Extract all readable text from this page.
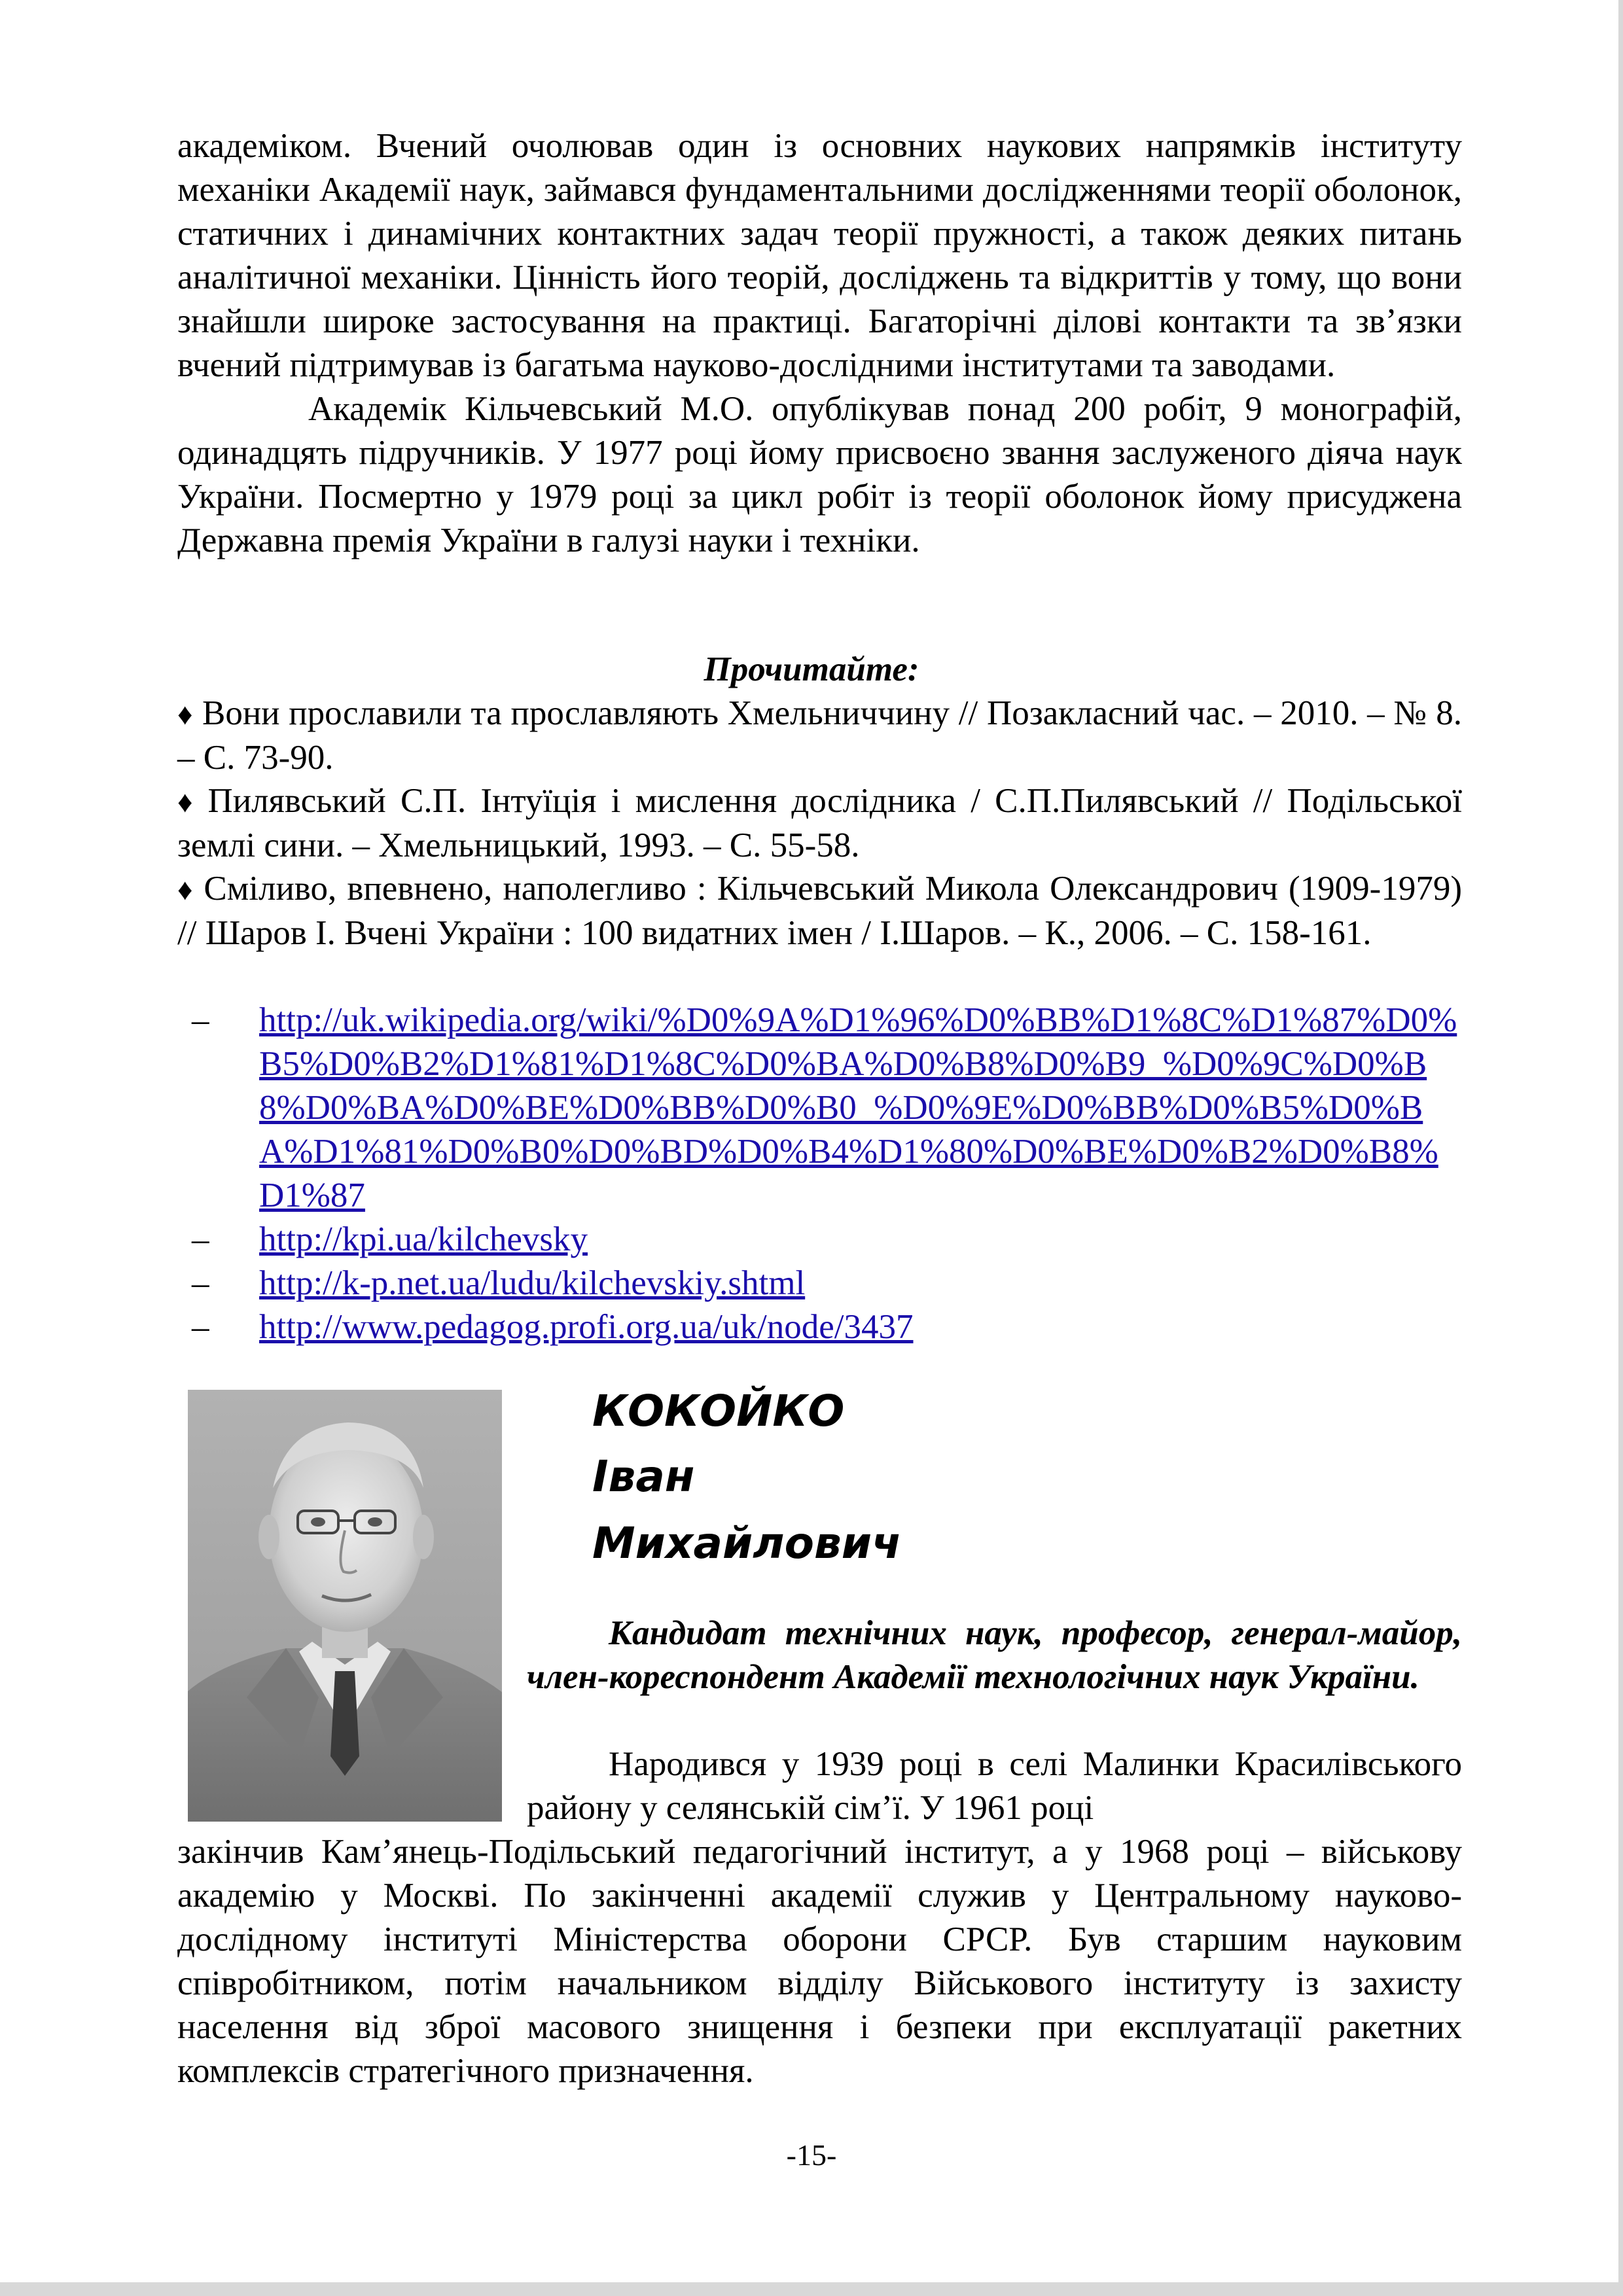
академіком. Вчений очолював один із основних наукових напрямків інституту механіки Академії наук, займався фундаментальними дослідженнями теорії оболонок, статичних і динамічних контактних задач теорії пружності, а також деяких питань аналітичної механіки. Цінність його теорій, досліджень та відкриттів у тому, що вони знайшли широке застосування на практиці. Багаторічні ділові контакти та зв’язки вчений підтримував із багатьма науково-дослідними інститутами та заводами.

Академік Кільчевський М.О. опублікував понад 200 робіт, 9 монографій, одинадцять підручників. У 1977 році йому присвоєно звання заслуженого діяча наук України. Посмертно у 1979 році за цикл робіт із теорії оболонок йому присуджена Державна премія України в галузі науки і техніки.

Прочитайте:
♦ Вони прославили та прославляють Хмельниччину // Позакласний час. – 2010. – № 8. – С. 73-90.
♦ Пилявський С.П. Інтуїція і мислення дослідника / С.П.Пилявський // Подільської землі сини. – Хмельницький, 1993. – С. 55-58.
♦ Сміливо, впевнено, наполегливо : Кільчевський Микола Олександрович (1909-1979) // Шаров І. Вчені України : 100 видатних імен / І.Шаров. – К., 2006. – С. 158-161.
– http://uk.wikipedia.org/wiki/%D0%9A%D1%96%D0%BB%D1%8C%D1%87%D0%B5%D0%B2%D1%81%D1%8C%D0%BA%D0%B8%D0%B9_%D0%9C%D0%B8%D0%BA%D0%BE%D0%BB%D0%B0_%D0%9E%D0%BB%D0%B5%D0%BA%D1%81%D0%B0%D0%BD%D0%B4%D1%80%D0%BE%D0%B2%D0%B8%D1%87
– http://kpi.ua/kilchevsky
– http://k-p.net.ua/ludu/kilchevskiy.shtml
– http://www.pedagog.profi.org.ua/uk/node/3437
КОКОЙКО
Іван
Михайлович
Кандидат технічних наук, професор, генерал-майор, член-кореспондент Академії технологічних наук України.
Народився у 1939 році в селі Малинки Красилівського району у селянській сім’ї. У 1961 році
закінчив Кам’янець-Подільський педагогічний інститут, а у 1968 році – військову академію у Москві. По закінченні академії служив у Центральному науково-дослідному інституті Міністерства оборони СРСР. Був старшим науковим співробітником, потім начальником відділу Військового інституту із захисту населення від зброї масового знищення і безпеки при експлуатації ракетних комплексів стратегічного призначення.
-15-
